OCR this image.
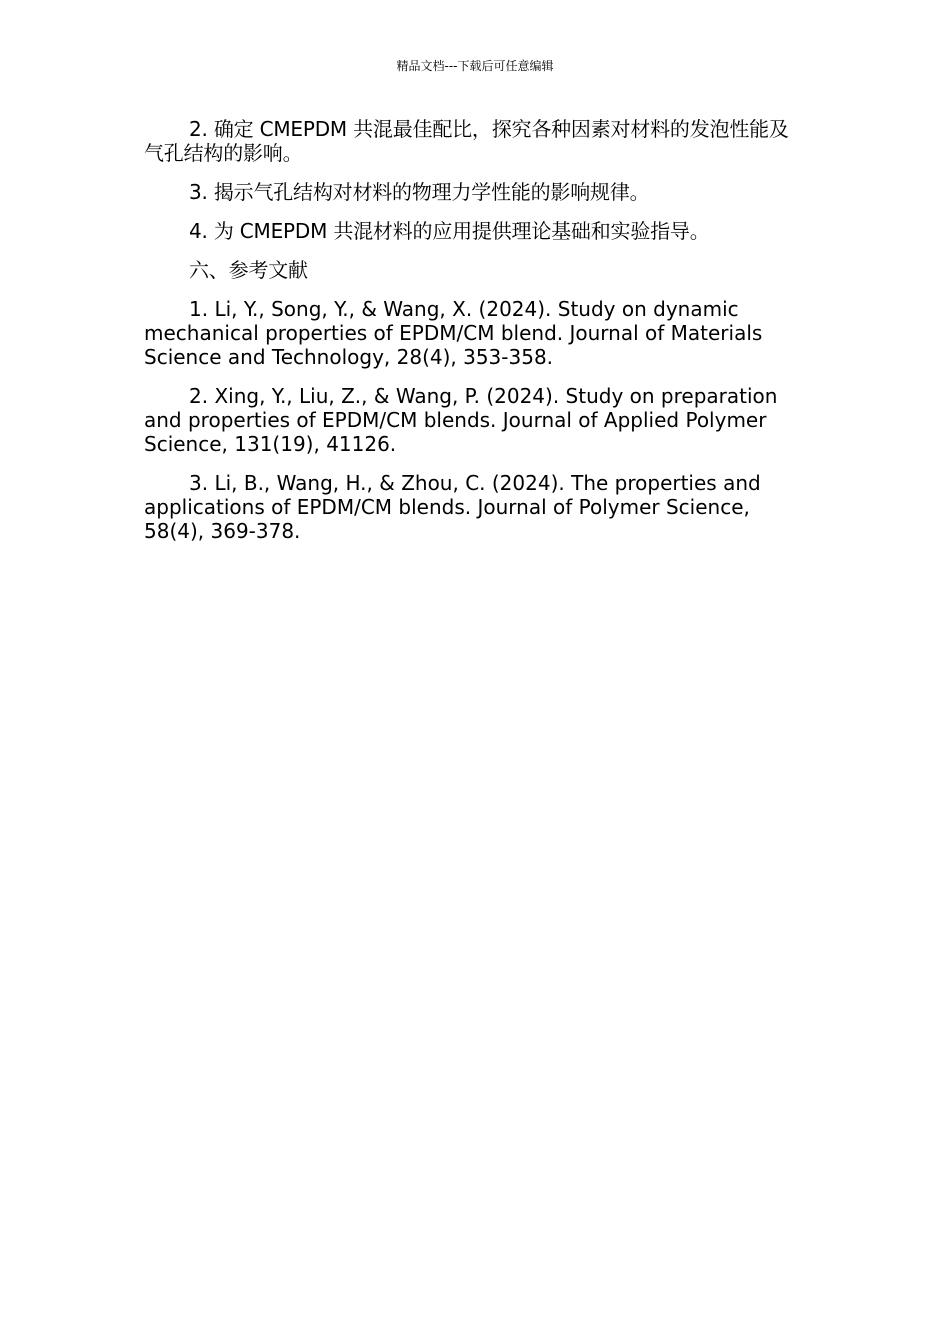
精品文档---下载后可任意编辑

2. 确定 CMEPDM 共混最佳配比，探究各种因素对材料的发泡性能及气孔结构的影响。

3. 揭示气孔结构对材料的物理力学性能的影响规律。

4. 为 CMEPDM 共混材料的应用提供理论基础和实验指导。

六、参考文献

1. Li, Y., Song, Y., & Wang, X. (2024). Study on dynamic mechanical properties of EPDM/CM blend. Journal of Materials Science and Technology, 28(4), 353-358.

2. Xing, Y., Liu, Z., & Wang, P. (2024). Study on preparation and properties of EPDM/CM blends. Journal of Applied Polymer Science, 131(19), 41126.

3. Li, B., Wang, H., & Zhou, C. (2024). The properties and applications of EPDM/CM blends. Journal of Polymer Science, 58(4), 369-378.
